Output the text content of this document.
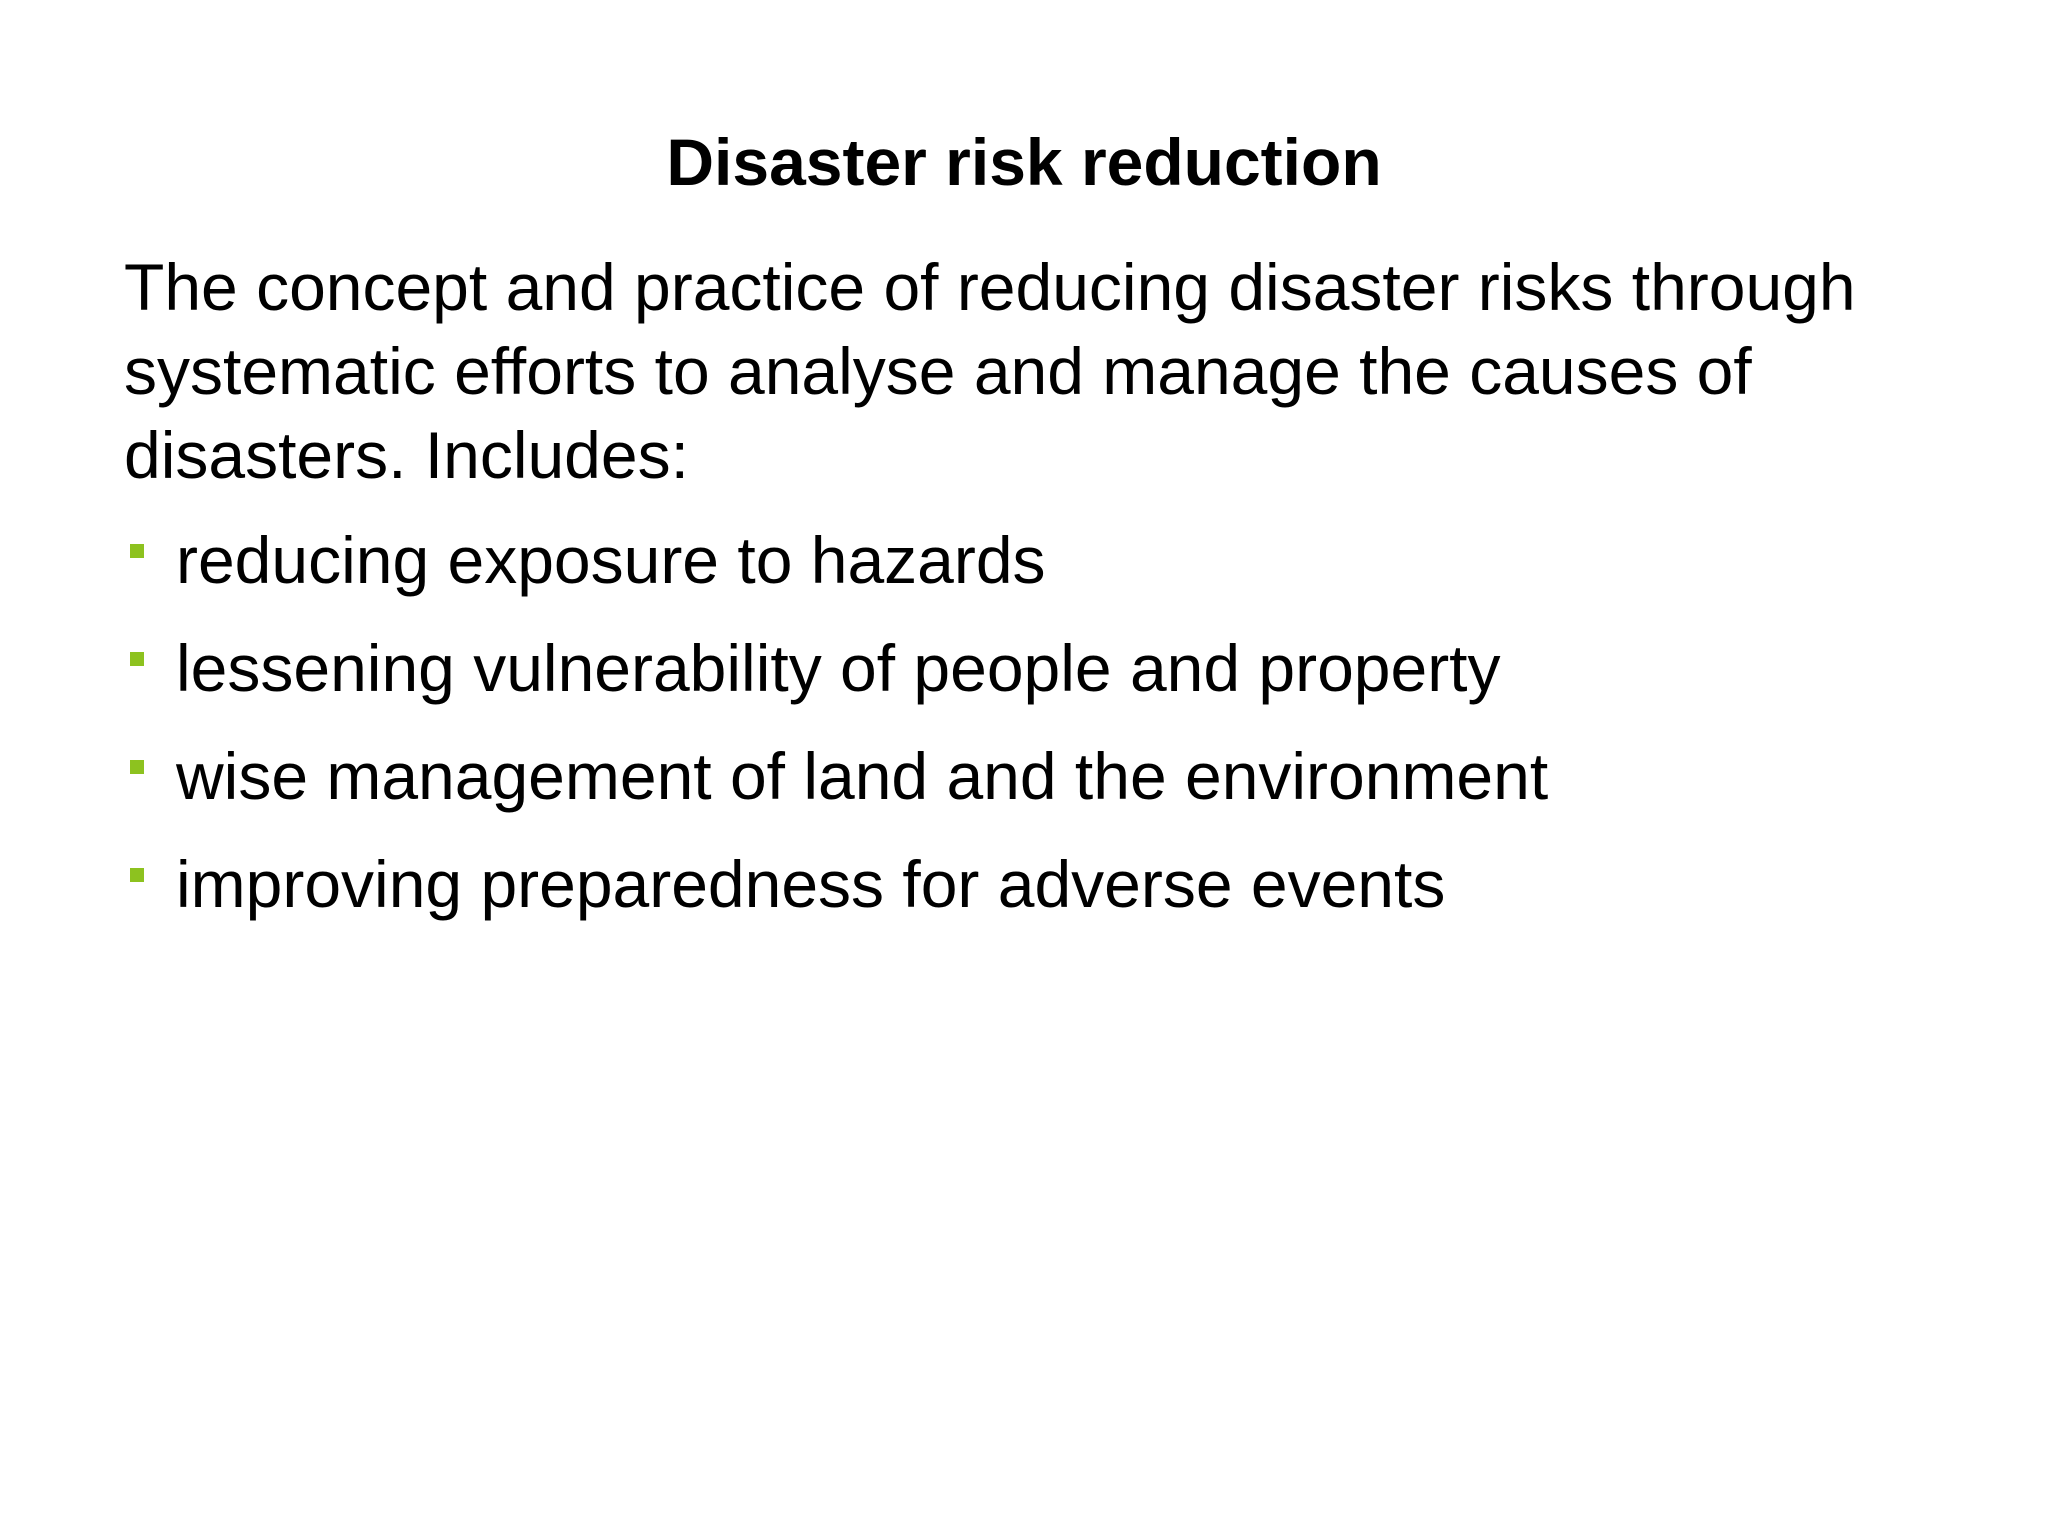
Disaster risk reduction

The concept and practice of reducing disaster risks through systematic efforts to analyse and manage the causes of disasters. Includes:

reducing exposure to hazards
lessening vulnerability of people and property
wise management of land and the environment
improving preparedness for adverse events
